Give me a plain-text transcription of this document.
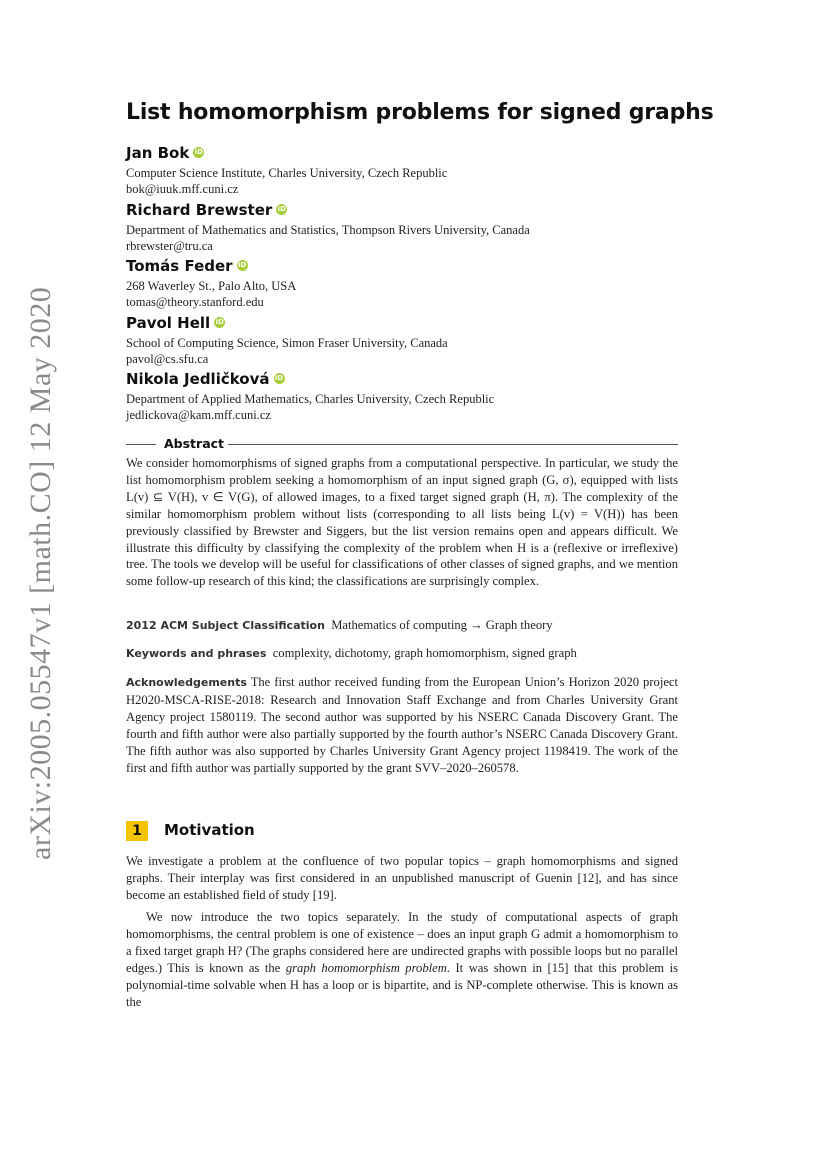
arXiv:2005.05547v1 [math.CO] 12 May 2020
List homomorphism problems for signed graphs
Jan Bok iD
Computer Science Institute, Charles University, Czech Republic
bok@iuuk.mff.cuni.cz
Richard Brewster iD
Department of Mathematics and Statistics, Thompson Rivers University, Canada
rbrewster@tru.ca
Tomás Feder iD
268 Waverley St., Palo Alto, USA
tomas@theory.stanford.edu
Pavol Hell iD
School of Computing Science, Simon Fraser University, Canada
pavol@cs.sfu.ca
Nikola Jedličková iD
Department of Applied Mathematics, Charles University, Czech Republic
jedlickova@kam.mff.cuni.cz
Abstract

We consider homomorphisms of signed graphs from a computational perspective. In particular, we study the list homomorphism problem seeking a homomorphism of an input signed graph (G, σ), equipped with lists L(v) ⊆ V(H), v ∈ V(G), of allowed images, to a fixed target signed graph (H, π). The complexity of the similar homomorphism problem without lists (corresponding to all lists being L(v) = V(H)) has been previously classified by Brewster and Siggers, but the list version remains open and appears difficult. We illustrate this difficulty by classifying the complexity of the problem when H is a (reflexive or irreflexive) tree. The tools we develop will be useful for classifications of other classes of signed graphs, and we mention some follow-up research of this kind; the classifications are surprisingly complex.

2012 ACM Subject Classification Mathematics of computing → Graph theory

Keywords and phrases complexity, dichotomy, graph homomorphism, signed graph

Acknowledgements The first author received funding from the European Union’s Horizon 2020 project H2020-MSCA-RISE-2018: Research and Innovation Staff Exchange and from Charles University Grant Agency project 1580119. The second author was supported by his NSERC Canada Discovery Grant. The fourth and fifth author were also partially supported by the fourth author’s NSERC Canada Discovery Grant. The fifth author was also supported by Charles University Grant Agency project 1198419. The work of the first and fifth author was partially supported by the grant SVV–2020–260578.

1 Motivation

We investigate a problem at the confluence of two popular topics – graph homomorphisms and signed graphs. Their interplay was first considered in an unpublished manuscript of Guenin [12], and has since become an established field of study [19].

We now introduce the two topics separately. In the study of computational aspects of graph homomorphisms, the central problem is one of existence – does an input graph G admit a homomorphism to a fixed target graph H? (The graphs considered here are undirected graphs with possible loops but no parallel edges.) This is known as the graph homomorphism problem. It was shown in [15] that this problem is polynomial-time solvable when H has a loop or is bipartite, and is NP-complete otherwise. This is known as the
